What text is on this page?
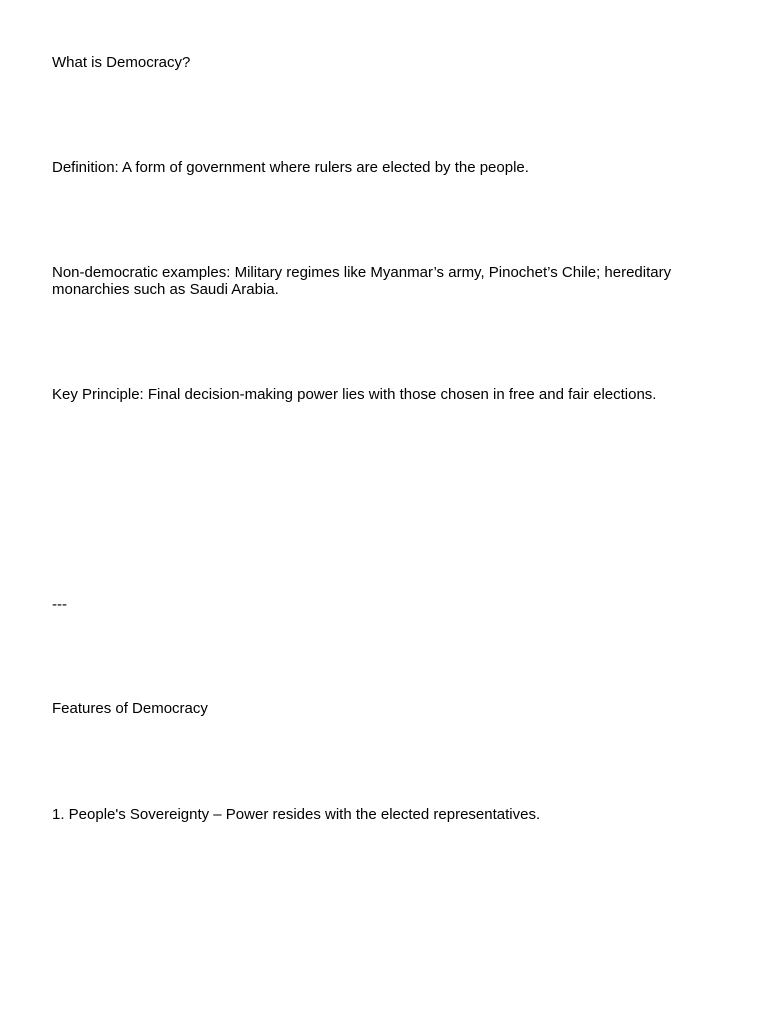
What is Democracy?

Definition: A form of government where rulers are elected by the people.

Non-democratic examples: Military regimes like Myanmar’s army, Pinochet’s Chile; hereditary monarchies such as Saudi Arabia.

Key Principle: Final decision-making power lies with those chosen in free and fair elections.

---

Features of Democracy

1. People's Sovereignty – Power resides with the elected representatives.
